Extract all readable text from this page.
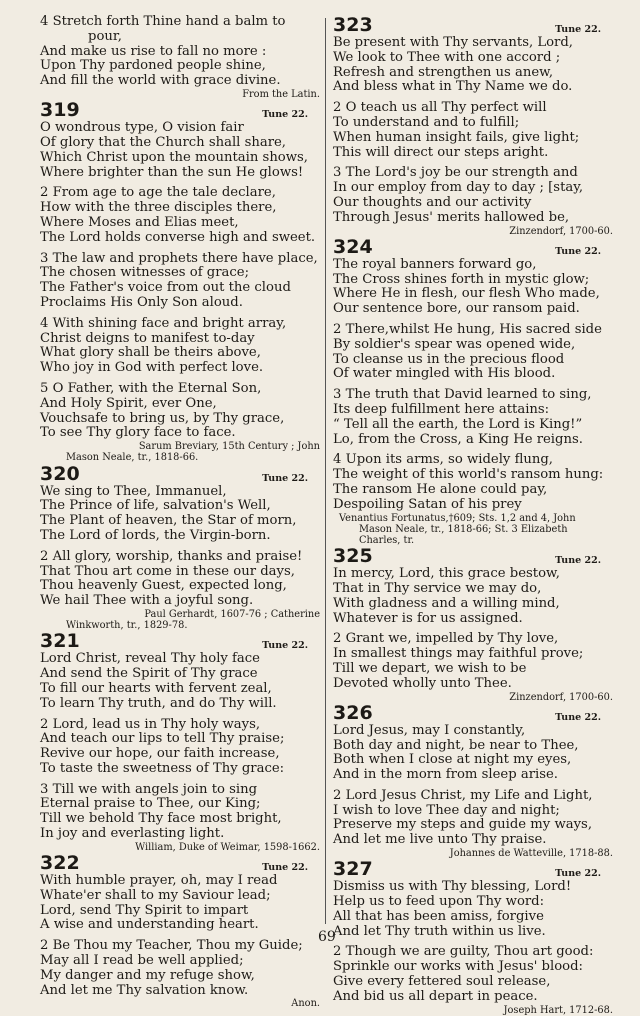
4 Stretch forth Thine hand a balm to
pour,
And make us rise to fall no more :
Upon Thy pardoned people shine,
And fill the world with grace divine.
From the Latin.
319	Tune 22.
O wondrous type, O vision fair
Of glory that the Church shall share,
Which Christ upon the mountain shows,
Where brighter than the sun He glows!
2 From age to age the tale declare,
How with the three disciples there,
Where Moses and Elias meet,
The Lord holds converse high and sweet.
3 The law and prophets there have place,
The chosen witnesses of grace;
The Father's voice from out the cloud
Proclaims His Only Son aloud.
4 With shining face and bright array,
Christ deigns to manifest to-day
What glory shall be theirs above,
Who joy in God with perfect love.
5 O Father, with the Eternal Son,
And Holy Spirit, ever One,
Vouchsafe to bring us, by Thy grace,
To see Thy glory face to face.
Sarum Breviary, 15th Century ; John
Mason Neale, tr., 1818-66.
320	Tune 22.
We sing to Thee, Immanuel,
The Prince of life, salvation's Well,
The Plant of heaven, the Star of morn,
The Lord of lords, the Virgin-born.
2 All glory, worship, thanks and praise!
That Thou art come in these our days,
Thou heavenly Guest, expected long,
We hail Thee with a joyful song.
Paul Gerhardt, 1607-76 ; Catherine
Winkworth, tr., 1829-78.
321	Tune 22.
Lord Christ, reveal Thy holy face
And send the Spirit of Thy grace
To fill our hearts with fervent zeal,
To learn Thy truth, and do Thy will.
2 Lord, lead us in Thy holy ways,
And teach our lips to tell Thy praise;
Revive our hope, our faith increase,
To taste the sweetness of Thy grace:
3 Till we with angels join to sing
Eternal praise to Thee, our King;
Till we behold Thy face most bright,
In joy and everlasting light.
William, Duke of Weimar, 1598-1662.
322	Tune 22.
With humble prayer, oh, may I read
Whate'er shall to my Saviour lead;
Lord, send Thy Spirit to impart
A wise and understanding heart.
2 Be Thou my Teacher, Thou my Guide;
May all I read be well applied;
My danger and my refuge show,
And let me Thy salvation know.
Anon.
323	Tune 22.
Be present with Thy servants, Lord,
We look to Thee with one accord ;
Refresh and strengthen us anew,
And bless what in Thy Name we do.
2 O teach us all Thy perfect will
To understand and to fulfill;
When human insight fails, give light;
This will direct our steps aright.
3 The Lord's joy be our strength and
In our employ from day to day ; [stay,
Our thoughts and our activity
Through Jesus' merits hallowed be,
Zinzendorf, 1700-60.
324	Tune 22.
The royal banners forward go,
The Cross shines forth in mystic glow;
Where He in flesh, our flesh Who made,
Our sentence bore, our ransom paid.
2 There,whilst He hung, His sacred side
By soldier's spear was opened wide,
To cleanse us in the precious flood
Of water mingled with His blood.
3 The truth that David learned to sing,
Its deep fulfillment here attains:
“ Tell all the earth, the Lord is King!”
Lo, from the Cross, a King He reigns.
4 Upon its arms, so widely flung,
The weight of this world's ransom hung:
The ransom He alone could pay,
Despoiling Satan of his prey
Venantius Fortunatus,†609; Sts. 1,2 and 4, John
Mason Neale, tr., 1818-66; St. 3 Elizabeth
Charles, tr.
325	Tune 22.
In mercy, Lord, this grace bestow,
That in Thy service we may do,
With gladness and a willing mind,
Whatever is for us assigned.
2 Grant we, impelled by Thy love,
In smallest things may faithful prove;
Till we depart, we wish to be
Devoted wholly unto Thee.
Zinzendorf, 1700-60.
326	Tune 22.
Lord Jesus, may I constantly,
Both day and night, be near to Thee,
Both when I close at night my eyes,
And in the morn from sleep arise.
2 Lord Jesus Christ, my Life and Light,
I wish to love Thee day and night;
Preserve my steps and guide my ways,
And let me live unto Thy praise.
Johannes de Watteville, 1718-88.
327	Tune 22.
Dismiss us with Thy blessing, Lord!
Help us to feed upon Thy word:
All that has been amiss, forgive
And let Thy truth within us live.
2 Though we are guilty, Thou art good:
Sprinkle our works with Jesus' blood:
Give every fettered soul release,
And bid us all depart in peace.
Joseph Hart, 1712-68.
69
